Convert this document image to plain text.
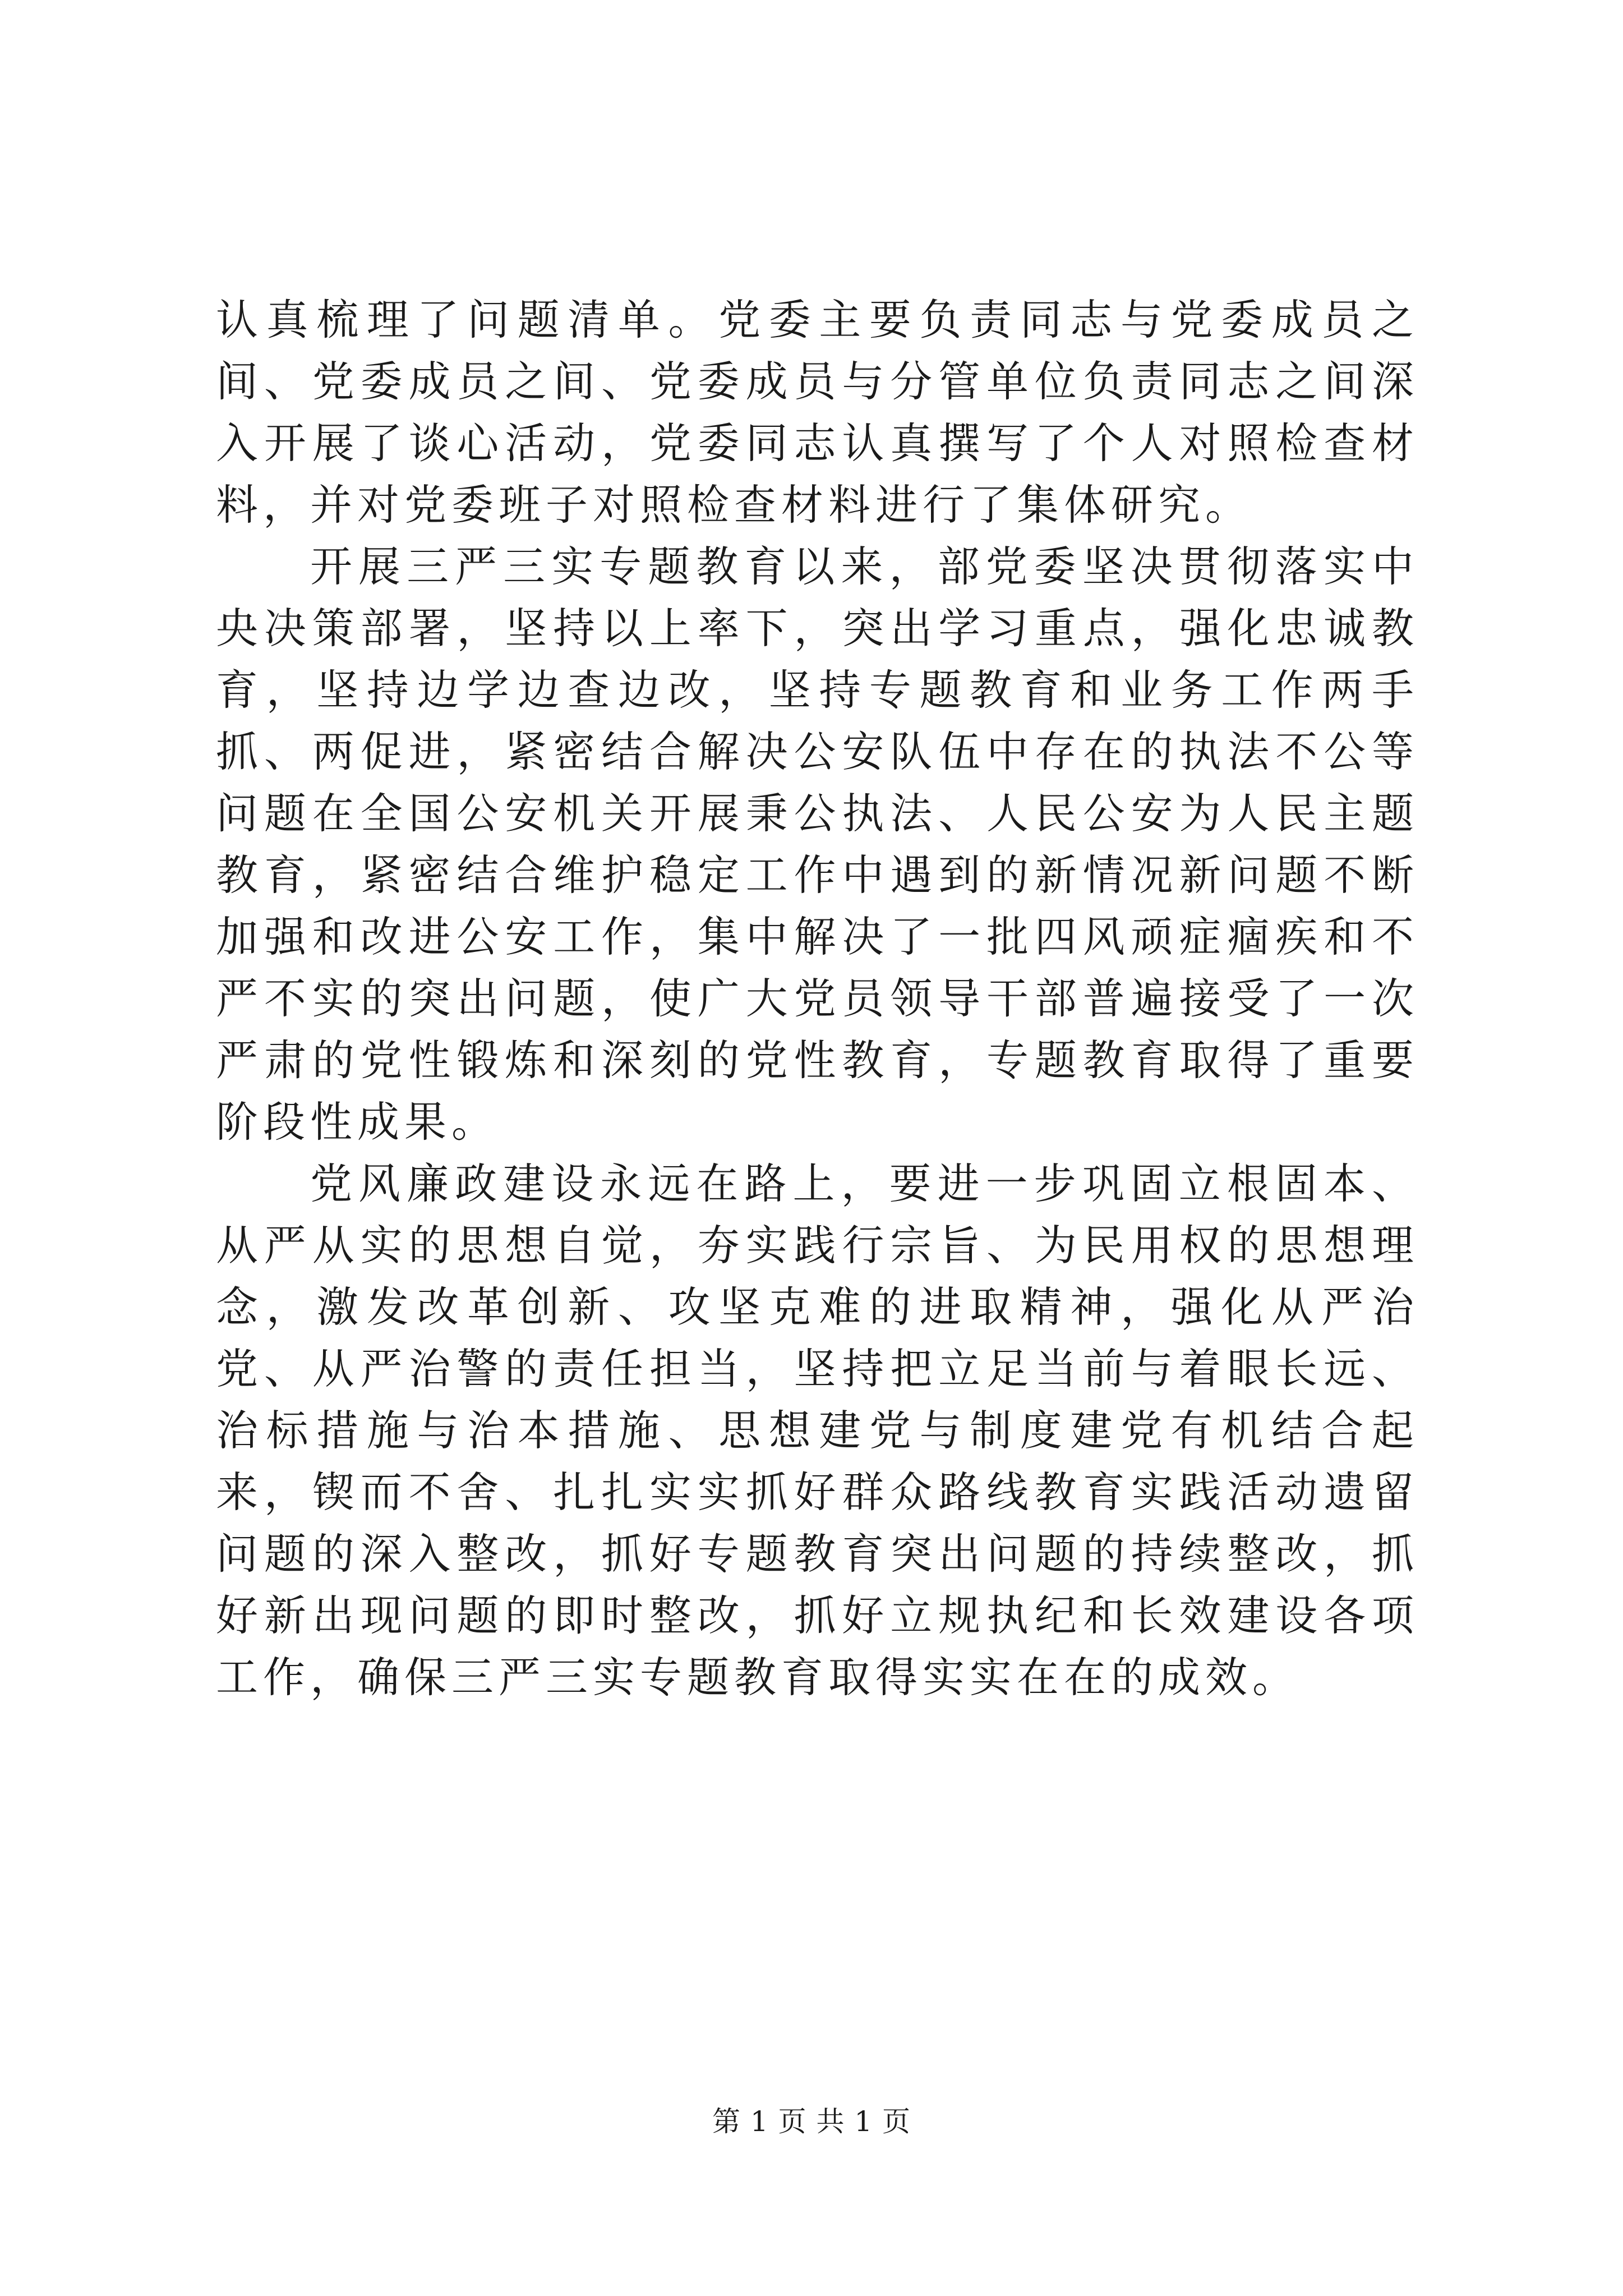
认真梳理了问题清单。党委主要负责同志与党委成员之间、党委成员之间、党委成员与分管单位负责同志之间深入开展了谈心活动，党委同志认真撰写了个人对照检查材料，并对党委班子对照检查材料进行了集体研究。

开展三严三实专题教育以来，部党委坚决贯彻落实中央决策部署，坚持以上率下，突出学习重点，强化忠诚教育，坚持边学边查边改，坚持专题教育和业务工作两手抓、两促进，紧密结合解决公安队伍中存在的执法不公等问题在全国公安机关开展秉公执法、人民公安为人民主题教育，紧密结合维护稳定工作中遇到的新情况新问题不断加强和改进公安工作，集中解决了一批四风顽症痼疾和不严不实的突出问题，使广大党员领导干部普遍接受了一次严肃的党性锻炼和深刻的党性教育，专题教育取得了重要阶段性成果。

党风廉政建设永远在路上，要进一步巩固立根固本、从严从实的思想自觉，夯实践行宗旨、为民用权的思想理念，激发改革创新、攻坚克难的进取精神，强化从严治党、从严治警的责任担当，坚持把立足当前与着眼长远、治标措施与治本措施、思想建党与制度建党有机结合起来，锲而不舍、扎扎实实抓好群众路线教育实践活动遗留问题的深入整改，抓好专题教育突出问题的持续整改，抓好新出现问题的即时整改，抓好立规执纪和长效建设各项工作，确保三严三实专题教育取得实实在在的成效。

第 1 页 共 1 页
